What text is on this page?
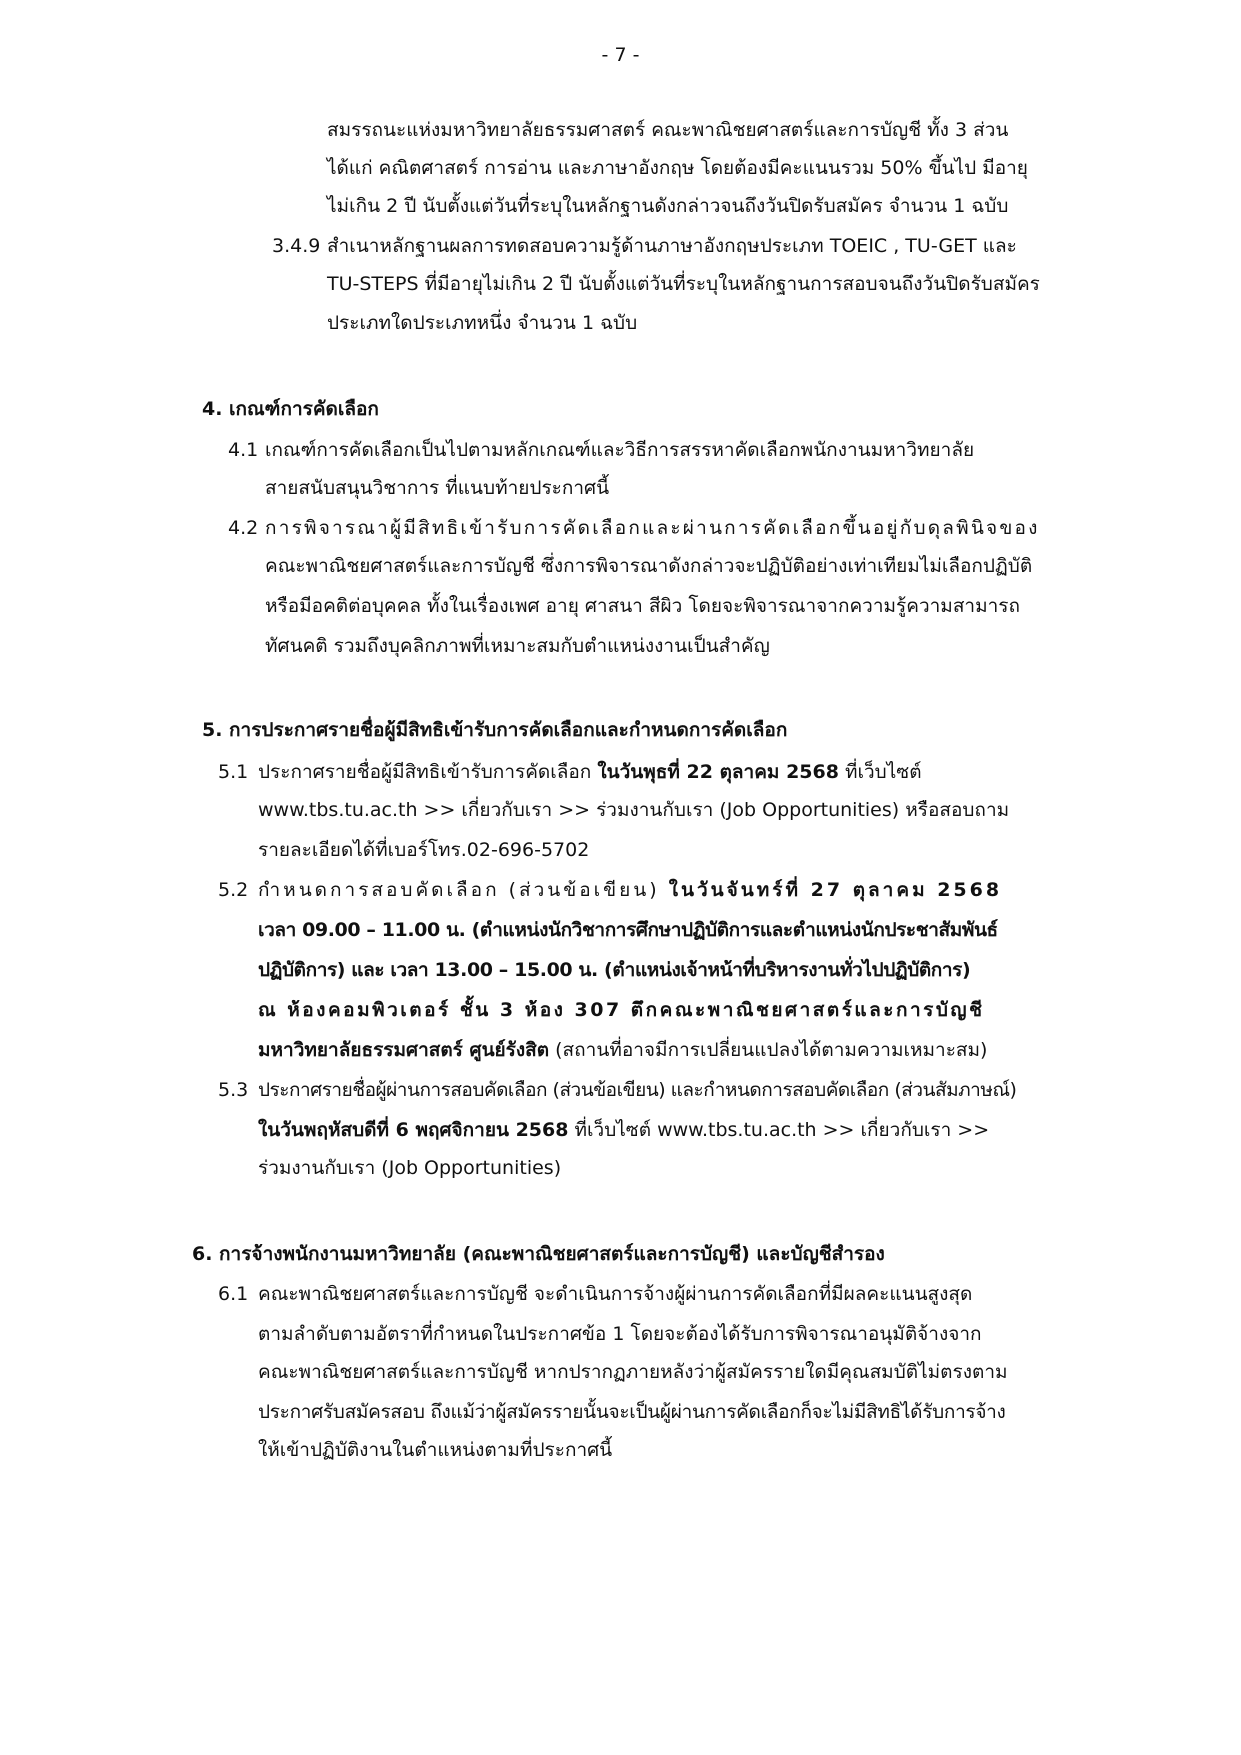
- 7 -
สมรรถนะแห่งมหาวิทยาลัยธรรมศาสตร์ คณะพาณิชยศาสตร์และการบัญชี ทั้ง 3 ส่วน
ได้แก่ คณิตศาสตร์ การอ่าน และภาษาอังกฤษ โดยต้องมีคะแนนรวม 50% ขึ้นไป มีอายุ
ไม่เกิน 2 ปี นับตั้งแต่วันที่ระบุในหลักฐานดังกล่าวจนถึงวันปิดรับสมัคร จำนวน 1 ฉบับ
3.4.9 สำเนาหลักฐานผลการทดสอบความรู้ด้านภาษาอังกฤษประเภท TOEIC , TU-GET และ
TU-STEPS ที่มีอายุไม่เกิน 2 ปี นับตั้งแต่วันที่ระบุในหลักฐานการสอบจนถึงวันปิดรับสมัคร
ประเภทใดประเภทหนึ่ง จำนวน 1 ฉบับ
4. เกณฑ์การคัดเลือก
4.1 เกณฑ์การคัดเลือกเป็นไปตามหลักเกณฑ์และวิธีการสรรหาคัดเลือกพนักงานมหาวิทยาลัย
สายสนับสนุนวิชาการ ที่แนบท้ายประกาศนี้
4.2 การพิจารณาผู้มีสิทธิเข้ารับการคัดเลือกและผ่านการคัดเลือกขึ้นอยู่กับดุลพินิจของ
คณะพาณิชยศาสตร์และการบัญชี ซึ่งการพิจารณาดังกล่าวจะปฏิบัติอย่างเท่าเทียมไม่เลือกปฏิบัติ
หรือมีอคติต่อบุคคล ทั้งในเรื่องเพศ อายุ ศาสนา สีผิว โดยจะพิจารณาจากความรู้ความสามารถ
ทัศนคติ รวมถึงบุคลิกภาพที่เหมาะสมกับตำแหน่งงานเป็นสำคัญ
5. การประกาศรายชื่อผู้มีสิทธิเข้ารับการคัดเลือกและกำหนดการคัดเลือก
5.1 ประกาศรายชื่อผู้มีสิทธิเข้ารับการคัดเลือก ในวันพุธที่ 22 ตุลาคม 2568 ที่เว็บไซต์
www.tbs.tu.ac.th >> เกี่ยวกับเรา >> ร่วมงานกับเรา (Job Opportunities) หรือสอบถาม
รายละเอียดได้ที่เบอร์โทร.02-696-5702
5.2 กำหนดการสอบคัดเลือก (ส่วนข้อเขียน) ในวันจันทร์ที่ 27 ตุลาคม 2568
เวลา 09.00 – 11.00 น. (ตำแหน่งนักวิชาการศึกษาปฏิบัติการและตำแหน่งนักประชาสัมพันธ์
ปฏิบัติการ) และ เวลา 13.00 – 15.00 น. (ตำแหน่งเจ้าหน้าที่บริหารงานทั่วไปปฏิบัติการ)
ณ ห้องคอมพิวเตอร์ ชั้น 3 ห้อง 307 ตึกคณะพาณิชยศาสตร์และการบัญชี
มหาวิทยาลัยธรรมศาสตร์ ศูนย์รังสิต (สถานที่อาจมีการเปลี่ยนแปลงได้ตามความเหมาะสม)
5.3 ประกาศรายชื่อผู้ผ่านการสอบคัดเลือก (ส่วนข้อเขียน) และกำหนดการสอบคัดเลือก (ส่วนสัมภาษณ์)
ในวันพฤหัสบดีที่ 6 พฤศจิกายน 2568 ที่เว็บไซต์ www.tbs.tu.ac.th >> เกี่ยวกับเรา >>
ร่วมงานกับเรา (Job Opportunities)
6. การจ้างพนักงานมหาวิทยาลัย (คณะพาณิชยศาสตร์และการบัญชี) และบัญชีสำรอง
6.1 คณะพาณิชยศาสตร์และการบัญชี จะดำเนินการจ้างผู้ผ่านการคัดเลือกที่มีผลคะแนนสูงสุด
ตามลำดับตามอัตราที่กำหนดในประกาศข้อ 1 โดยจะต้องได้รับการพิจารณาอนุมัติจ้างจาก
คณะพาณิชยศาสตร์และการบัญชี หากปรากฏภายหลังว่าผู้สมัครรายใดมีคุณสมบัติไม่ตรงตาม
ประกาศรับสมัครสอบ ถึงแม้ว่าผู้สมัครรายนั้นจะเป็นผู้ผ่านการคัดเลือกก็จะไม่มีสิทธิได้รับการจ้าง
ให้เข้าปฏิบัติงานในตำแหน่งตามที่ประกาศนี้
